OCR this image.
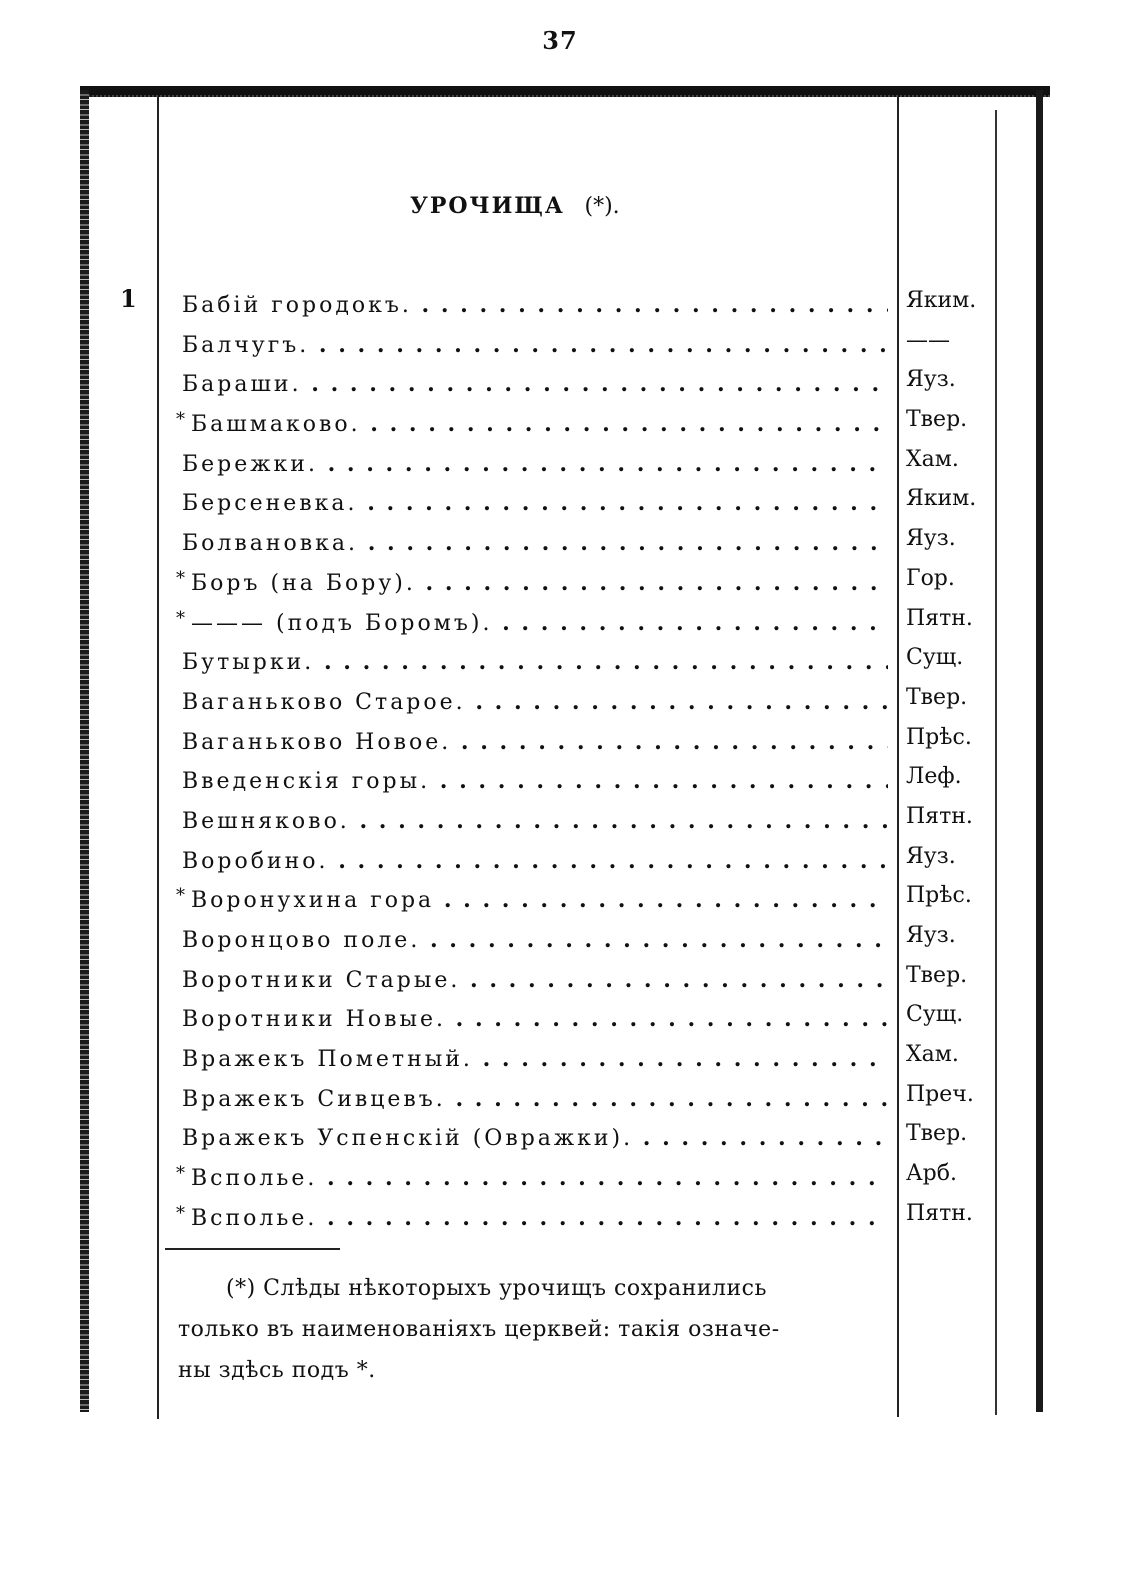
37
УРОЧИЩА (*).
1 Бабій городокъ. . . .	Яким.
Балчугъ. . . .	——
Бараши. . . .	Яуз.
* Башмаково. . . .	Твер.
Бережки. . . .	Хам.
Берсеневка. . . .	Яким.
Болвановка. . . .	Яуз.
* Боръ (на Бору). . . .	Гор.
* ——— (подъ Боромъ). . . .	Пятн.
Бутырки. . . .	Сущ.
Ваганьково Старое. . . .	Твер.
Ваганьково Новое. . . .	Прѣс.
Введенскія горы. . . .	Леф.
Вешняково. . . .	Пятн.
Воробино. . . .	Яуз.
* Воронухина гора . . .	Прѣс.
Воронцово поле. . . .	Яуз.
Воротники Старые. . . .	Твер.
Воротники Новые. . . .	Сущ.
Вражекъ Пометный. . . .	Хам.
Вражекъ Сивцевъ. . . .	Преч.
Вражекъ Успенскій (Овражки). . . .	Твер.
* Вспольe. . . .	Арб.
* Вспольe. . . .	Пятн.
(*) Слѣды нѣкоторыхъ урочищъ сохранились
только въ наименованіяхъ церквей: такія означе-
ны здѣсь подъ *.
